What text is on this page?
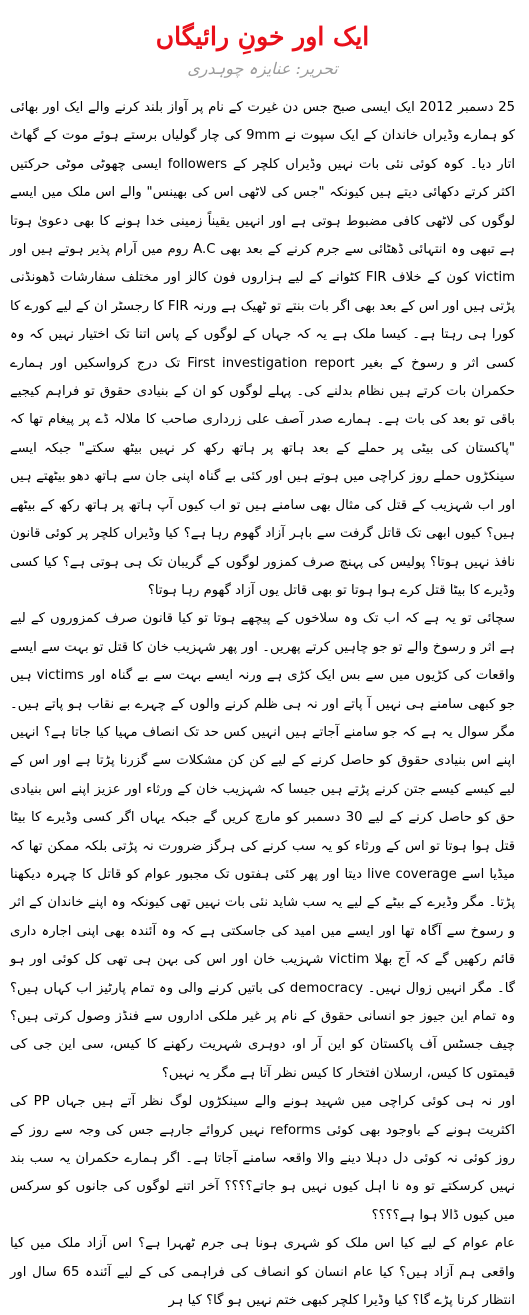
ایک اور خونِ رائیگاں
تحریر: عنایزہ چوہدری

25 دسمبر 2012 ایک ایسی صبح جس دن غیرت کے نام پر آواز بلند کرنے والے ایک اور بھائی کو ہمارے وڈیراں خاندان کے ایک سپوت نے 9mm کی چار گولیاں برستے ہوئے موت کے گھاٹ اتار دیا۔ کوہ کوئی نئی بات نہیں وڈیراں کلچر کے followers ایسی چھوٹی موٹی حرکتیں اکثر کرتے دکھائی دیتے ہیں کیونکہ "جس کی لاٹھی اس کی بھینس" والے اس ملک میں ایسے لوگوں کی لاٹھی کافی مضبوط ہوتی ہے اور انہیں یقیناً زمینی خدا ہونے کا بھی دعویٰ ہوتا ہے تبھی وہ انتہائی ڈھٹائی سے جرم کرنے کے بعد بھی A.C روم میں آرام پذیر ہوتے ہیں اور victim کون کے خلاف FIR کٹوانے کے لیے ہزاروں فون کالز اور مختلف سفارشات ڈھونڈنی پڑتی ہیں اور اس کے بعد بھی اگر بات بنتے تو ٹھیک ہے ورنہ FIR کا رجسٹر ان کے لیے کورے کا کورا ہی رہتا ہے۔ کیسا ملک ہے یہ کہ جہاں کے لوگوں کے پاس اتنا تک اختیار نہیں کہ وہ کسی اثر و رسوخ کے بغیر First investigation report تک درج کرواسکیں اور ہمارے حکمران بات کرتے ہیں نظام بدلنے کی۔ پہلے لوگوں کو ان کے بنیادی حقوق تو فراہم کیجیے باقی تو بعد کی بات ہے۔ ہمارے صدر آصف علی زرداری صاحب کا ملالہ ڈے پر پیغام تھا کہ "پاکستان کی بیٹی پر حملے کے بعد ہاتھ پر ہاتھ رکھ کر نہیں بیٹھ سکتے" جبکہ ایسے سینکڑوں حملے روز کراچی میں ہوتے ہیں اور کئی بے گناہ اپنی جان سے ہاتھ دھو بیٹھتے ہیں اور اب شہزیب کے قتل کی مثال بھی سامنے ہیں تو اب کیوں آپ ہاتھ پر ہاتھ رکھ کے بیٹھے ہیں؟ کیوں ابھی تک قاتل گرفت سے باہر آزاد گھوم رہا ہے؟ کیا وڈیراں کلچر پر کوئی قانون نافذ نہیں ہوتا؟ پولیس کی پہنچ صرف کمزور لوگوں کے گریبان تک ہی ہوتی ہے؟ کیا کسی وڈیرے کا بیٹا قتل کرے ہوا ہوتا تو بھی قاتل یوں آزاد گھوم رہا ہوتا؟

سچائی تو یہ ہے کہ اب تک وہ سلاخوں کے پیچھے ہوتا تو کیا قانون صرف کمزوروں کے لیے ہے اثر و رسوخ والے تو جو چاہیں کرتے پھریں۔ اور پھر شہزیب خان کا قتل تو بہت سے ایسے واقعات کی کڑیوں میں سے بس ایک کڑی ہے ورنہ ایسے بہت سے بے گناہ اور victims ہیں جو کبھی سامنے ہی نہیں آ پاتے اور نہ ہی ظلم کرنے والوں کے چہرے بے نقاب ہو پاتے ہیں۔ مگر سوال یہ ہے کہ جو سامنے آجاتے ہیں انہیں کس حد تک انصاف مہیا کیا جاتا ہے؟ انہیں اپنے اس بنیادی حقوق کو حاصل کرنے کے لیے کن کن مشکلات سے گزرنا پڑتا ہے اور اس کے لیے کیسے کیسے جتن کرنے پڑتے ہیں جیسا کہ شہزیب خان کے ورثاء اور عزیز اپنے اس بنیادی حق کو حاصل کرنے کے لیے 30 دسمبر کو مارچ کریں گے جبکہ یہاں اگر کسی وڈیرے کا بیٹا قتل ہوا ہوتا تو اس کے ورثاء کو یہ سب کرنے کی ہرگز ضرورت نہ پڑتی بلکہ ممکن تھا کہ میڈیا اسے live coverage دیتا اور پھر کئی ہفتوں تک مجبور عوام کو قاتل کا چہرہ دیکھنا پڑتا۔ مگر وڈیرے کے بیٹے کے لیے یہ سب شاید نئی بات نہیں تھی کیونکہ وہ اپنے خاندان کے اثر و رسوخ سے آگاہ تھا اور ایسے میں امید کی جاسکتی ہے کہ وہ آئندہ بھی اپنی اجارہ داری قائم رکھیں گے کہ آج بھلا victim شہزیب خان اور اس کی بہن ہی تھی کل کوئی اور ہو گا۔ مگر انہیں زوال نہیں۔ democracy کی باتیں کرنے والی وہ تمام پارٹیز اب کہاں ہیں؟ وہ تمام این جیوز جو انسانی حقوق کے نام پر غیر ملکی اداروں سے فنڈز وصول کرتی ہیں؟ چیف جسٹس آف پاکستان کو این آر او، دوہری شہریت رکھنے کا کیس، سی این جی کی قیمتوں کا کیس، ارسلان افتخار کا کیس نظر آتا ہے مگر یہ نہیں؟

اور نہ ہی کوئی کراچی میں شہید ہونے والے سینکڑوں لوگ نظر آتے ہیں جہاں PP کی اکثریت ہونے کے باوجود بھی کوئی reforms نہیں کروائے جارہے جس کی وجہ سے روز کے روز کوئی نہ کوئی دل دہلا دینے والا واقعہ سامنے آجاتا ہے۔ اگر ہمارے حکمران یہ سب بند نہیں کرسکتے تو وہ نا اہل کیوں نہیں ہو جاتے؟؟؟؟ آخر اتنے لوگوں کی جانوں کو سرکس میں کیوں ڈالا ہوا ہے؟؟؟؟

عام عوام کے لیے کیا اس ملک کو شہری ہونا ہی جرم ٹھہرا ہے؟ اس آزاد ملک میں کیا واقعی ہم آزاد ہیں؟ کیا عام انسان کو انصاف کی فراہمی کی کے لیے آئندہ 65 سال اور انتظار کرنا پڑے گا؟ کیا وڈیرا کلچر کبھی ختم نہیں ہو گا؟ کیا ہر
